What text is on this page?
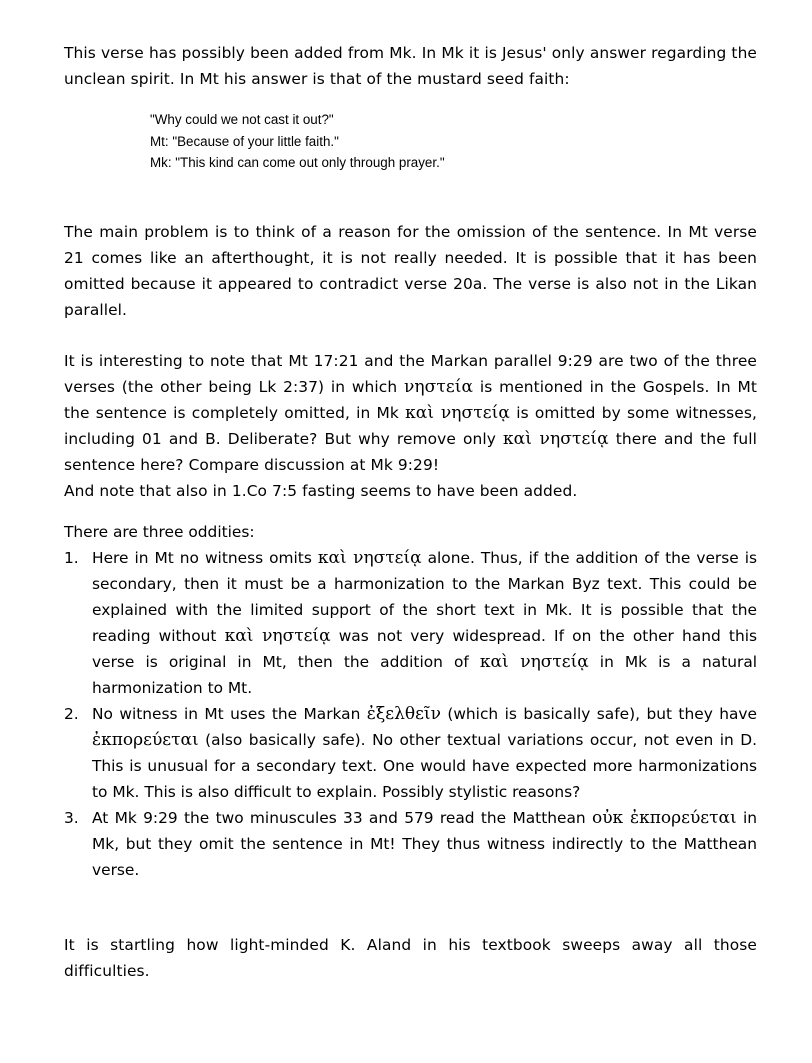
This verse has possibly been added from Mk. In Mk it is Jesus' only answer regarding the unclean spirit. In Mt his answer is that of the mustard seed faith:

"Why could we not cast it out?"
Mt: "Because of your little faith."
Mk: "This kind can come out only through prayer."

The main problem is to think of a reason for the omission of the sentence. In Mt verse 21 comes like an afterthought, it is not really needed. It is possible that it has been omitted because it appeared to contradict verse 20a. The verse is also not in the Likan parallel.

It is interesting to note that Mt 17:21 and the Markan parallel 9:29 are two of the three verses (the other being Lk 2:37) in which νηστεία is mentioned in the Gospels. In Mt the sentence is completely omitted, in Mk καὶ νηστείᾳ is omitted by some witnesses, including 01 and B. Deliberate? But why remove only καὶ νηστείᾳ there and the full sentence here? Compare discussion at Mk 9:29!
And note that also in 1.Co 7:5 fasting seems to have been added.

There are three oddities:
1. Here in Mt no witness omits καὶ νηστείᾳ alone. Thus, if the addition of the verse is secondary, then it must be a harmonization to the Markan Byz text. This could be explained with the limited support of the short text in Mk. It is possible that the reading without καὶ νηστείᾳ was not very widespread. If on the other hand this verse is original in Mt, then the addition of καὶ νηστείᾳ in Mk is a natural harmonization to Mt.
2. No witness in Mt uses the Markan ἐξελθεῖν (which is basically safe), but they have ἐκπορεύεται (also basically safe). No other textual variations occur, not even in D. This is unusual for a secondary text. One would have expected more harmonizations to Mk. This is also difficult to explain. Possibly stylistic reasons?
3. At Mk 9:29 the two minuscules 33 and 579 read the Matthean οὐκ ἐκπορεύεται in Mk, but they omit the sentence in Mt! They thus witness indirectly to the Matthean verse.

It is startling how light-minded K. Aland in his textbook sweeps away all those difficulties.
